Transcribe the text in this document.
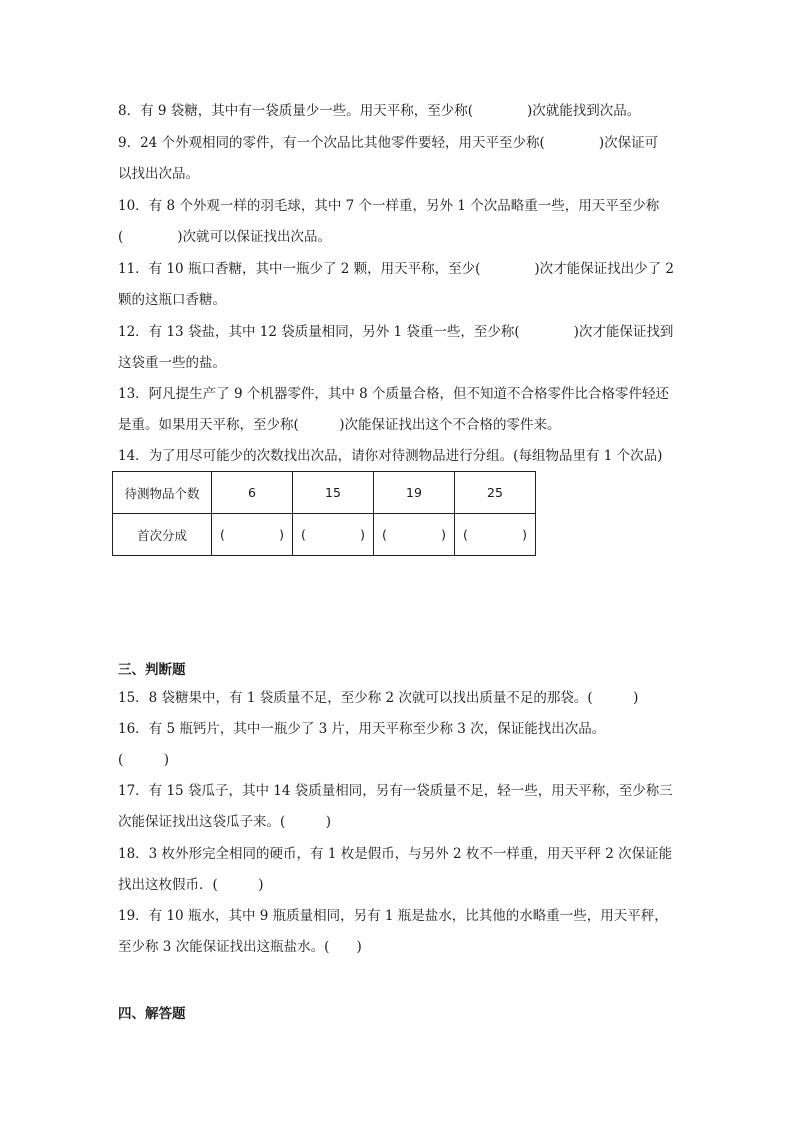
8．有 9 袋糖，其中有一袋质量少一些。用天平称，至少称(　　　　)次就能找到次品。
9．24 个外观相同的零件，有一个次品比其他零件要轻，用天平至少称(　　　　)次保证可
以找出次品。
10．有 8 个外观一样的羽毛球，其中 7 个一样重，另外 1 个次品略重一些，用天平至少称
(　　　　)次就可以保证找出次品。
11．有 10 瓶口香糖，其中一瓶少了 2 颗，用天平称，至少(　　　　)次才能保证找出少了 2
颗的这瓶口香糖。
12．有 13 袋盐，其中 12 袋质量相同，另外 1 袋重一些，至少称(　　　　)次才能保证找到
这袋重一些的盐。
13．阿凡提生产了 9 个机器零件，其中 8 个质量合格，但不知道不合格零件比合格零件轻还
是重。如果用天平称，至少称(　　　)次能保证找出这个不合格的零件来。
14．为了用尽可能少的次数找出次品，请你对待测物品进行分组。(每组物品里有 1 个次品)
待测物品个数	6	15	19	25
首次分成	( )	( )	( )	( )
三、判断题
15．8 袋糖果中，有 1 袋质量不足，至少称 2 次就可以找出质量不足的那袋。(　　　)
16．有 5 瓶钙片，其中一瓶少了 3 片，用天平称至少称 3 次，保证能找出次品。
(　　　)
17．有 15 袋瓜子，其中 14 袋质量相同，另有一袋质量不足，轻一些，用天平称，至少称三
次能保证找出这袋瓜子来。(　　　)
18．3 枚外形完全相同的硬币，有 1 枚是假币，与另外 2 枚不一样重，用天平秤 2 次保证能
找出这枚假币．(　　　)
19．有 10 瓶水，其中 9 瓶质量相同，另有 1 瓶是盐水，比其他的水略重一些，用天平秤，
至少称 3 次能保证找出这瓶盐水。(　　)
四、解答题
